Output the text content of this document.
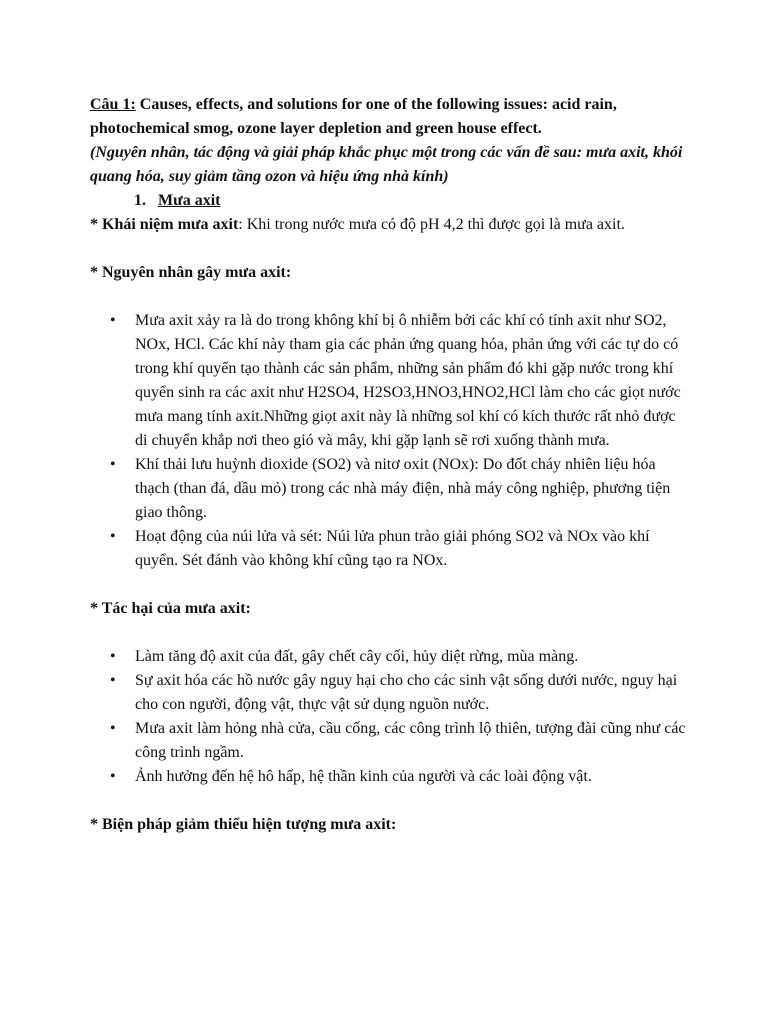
Câu 1: Causes, effects, and solutions for one of the following issues: acid rain, photochemical smog, ozone layer depletion and green house effect.
(Nguyên nhân, tác động và giải pháp khắc phục một trong các vấn đề sau: mưa axit, khói quang hóa, suy giảm tầng ozon và hiệu ứng nhà kính)
1. Mưa axit
* Khái niệm mưa axit: Khi trong nước mưa có độ pH 4,2 thì được gọi là mưa axit.
* Nguyên nhân gây mưa axit:
• Mưa axit xảy ra là do trong không khí bị ô nhiễm bởi các khí có tính axit như SO2, NOx, HCl. Các khí này tham gia các phản ứng quang hóa, phản ứng với các tự do có trong khí quyển tạo thành các sản phẩm, những sản phẩm đó khi gặp nước trong khí quyển sinh ra các axit như H2SO4, H2SO3,HNO3,HNO2,HCl làm cho các giọt nước mưa mang tính axit.Những giọt axit này là những sol khí có kích thước rất nhỏ được di chuyển khắp nơi theo gió và mây, khi gặp lạnh sẽ rơi xuống thành mưa.
• Khí thải lưu huỳnh dioxide (SO2) và nitơ oxit (NOx): Do đốt cháy nhiên liệu hóa thạch (than đá, dầu mỏ) trong các nhà máy điện, nhà máy công nghiệp, phương tiện giao thông.
• Hoạt động của núi lửa và sét: Núi lửa phun trào giải phóng SO2 và NOx vào khí quyển. Sét đánh vào không khí cũng tạo ra NOx.
* Tác hại của mưa axit:
• Làm tăng độ axit của đất, gây chết cây cối, hủy diệt rừng, mùa màng.
• Sự axit hóa các hồ nước gây nguy hại cho cho các sinh vật sống dưới nước, nguy hại cho con người, động vật, thực vật sử dụng nguồn nước.
• Mưa axit làm hỏng nhà cửa, cầu cống, các công trình lộ thiên, tượng đài cũng như các công trình ngầm.
• Ảnh hưởng đến hệ hô hấp, hệ thần kinh của người và các loài động vật.
* Biện pháp giảm thiểu hiện tượng mưa axit:
